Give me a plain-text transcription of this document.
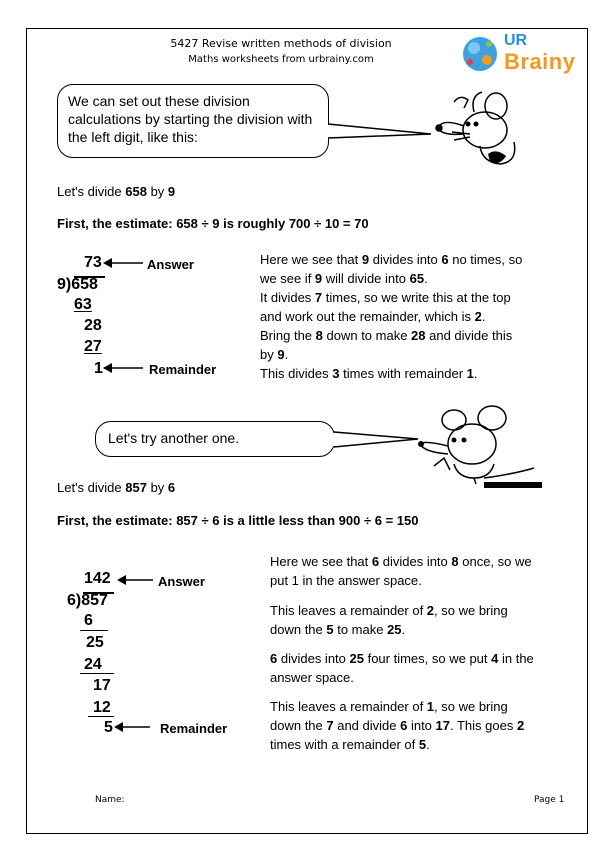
5427 Revise written methods of division
Maths worksheets from urbrainy.com
UR
Brainy
We can set out these division calculations by starting the division with the left digit, like this:
Let's divide 658 by 9
First, the estimate: 658 ÷ 9 is roughly 700 ÷ 10 = 70
73
9)658
63
28
27
1
Answer
Remainder
Here we see that 9 divides into 6 no times, so
we see if 9 will divide into 65.
It divides 7 times, so we write this at the top
and work out the remainder, which is 2.
Bring the 8 down to make 28 and divide this
by 9.
This divides 3 times with remainder 1.
Let's try another one.
Let's divide 857 by 6
First, the estimate: 857 ÷ 6 is a little less than 900 ÷ 6 = 150
142
6)857
6
25
24
17
12
5
Answer
Remainder
Here we see that 6 divides into 8 once, so we
put 1 in the answer space.
This leaves a remainder of 2, so we bring
down the 5 to make 25.
6 divides into 25 four times, so we put 4 in the
answer space.
This leaves a remainder of 1, so we bring
down the 7 and divide 6 into 17. This goes 2
times with a remainder of 5.
Name:	Page 1
